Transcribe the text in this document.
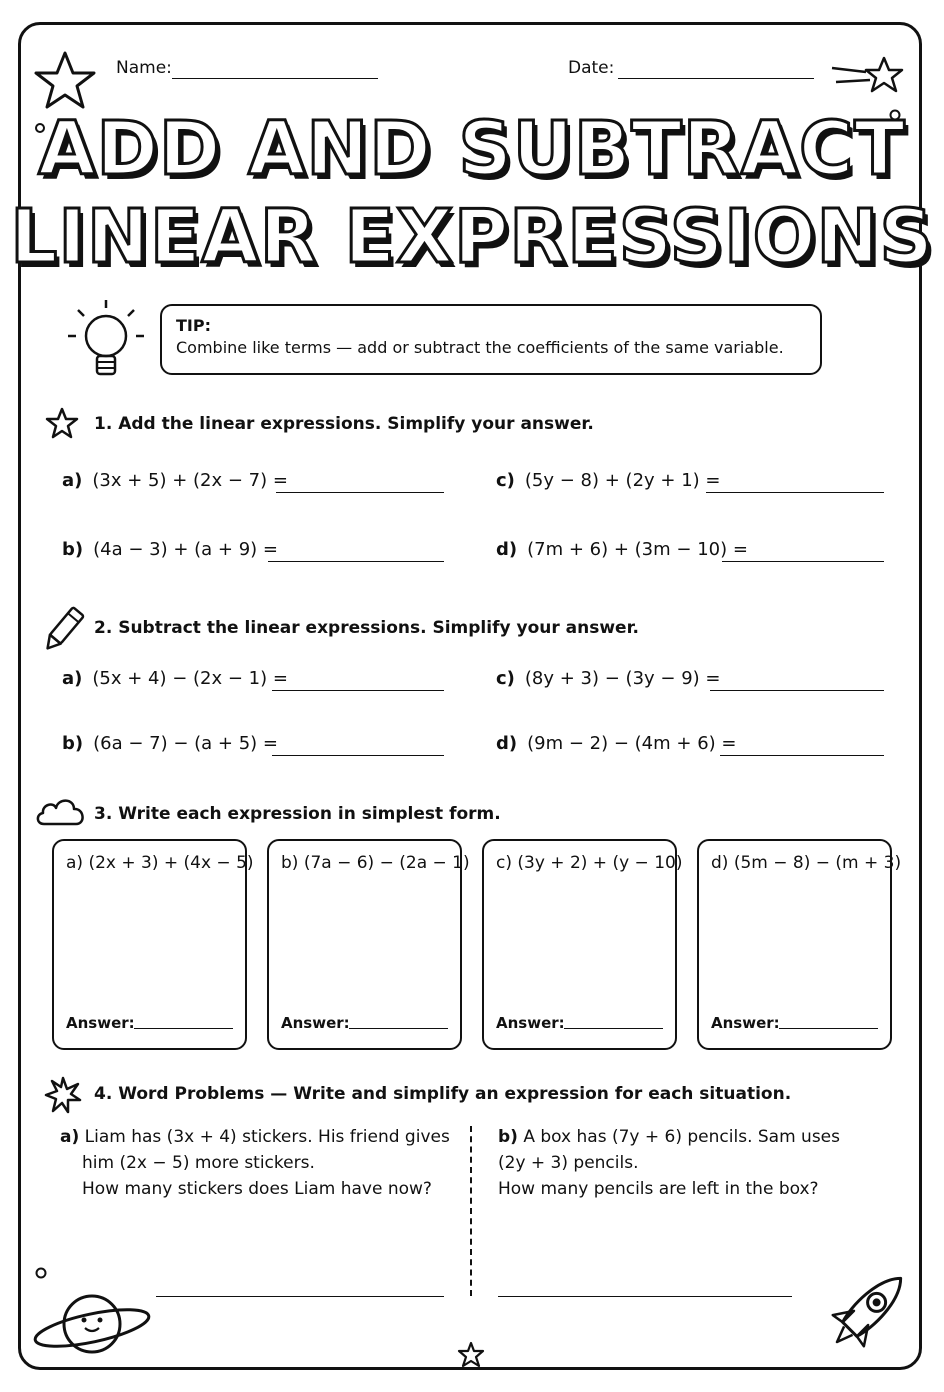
Name:	Date:
ADD AND SUBTRACT
LINEAR EXPRESSIONS
TIP:
Combine like terms — add or subtract the coefficients of the same variable.
1. Add the linear expressions. Simplify your answer.
a) (3x + 5) + (2x − 7) =
b) (4a − 3) + (a + 9) =
c) (5y − 8) + (2y + 1) =
d) (7m + 6) + (3m − 10) =
2. Subtract the linear expressions. Simplify your answer.
a) (5x + 4) − (2x − 1) =
b) (6a − 7) − (a + 5) =
c) (8y + 3) − (3y − 9) =
d) (9m − 2) − (4m + 6) =
3. Write each expression in simplest form.
a) (2x + 3) + (4x − 5)
Answer:
b) (7a − 6) − (2a − 1)
Answer:
c) (3y + 2) + (y − 10)
Answer:
d) (5m − 8) − (m + 3)
Answer:
4. Word Problems — Write and simplify an expression for each situation.
a) Liam has (3x + 4) stickers. His friend gives
him (2x − 5) more stickers.
How many stickers does Liam have now?
b) A box has (7y + 6) pencils. Sam uses
(2y + 3) pencils.
How many pencils are left in the box?
